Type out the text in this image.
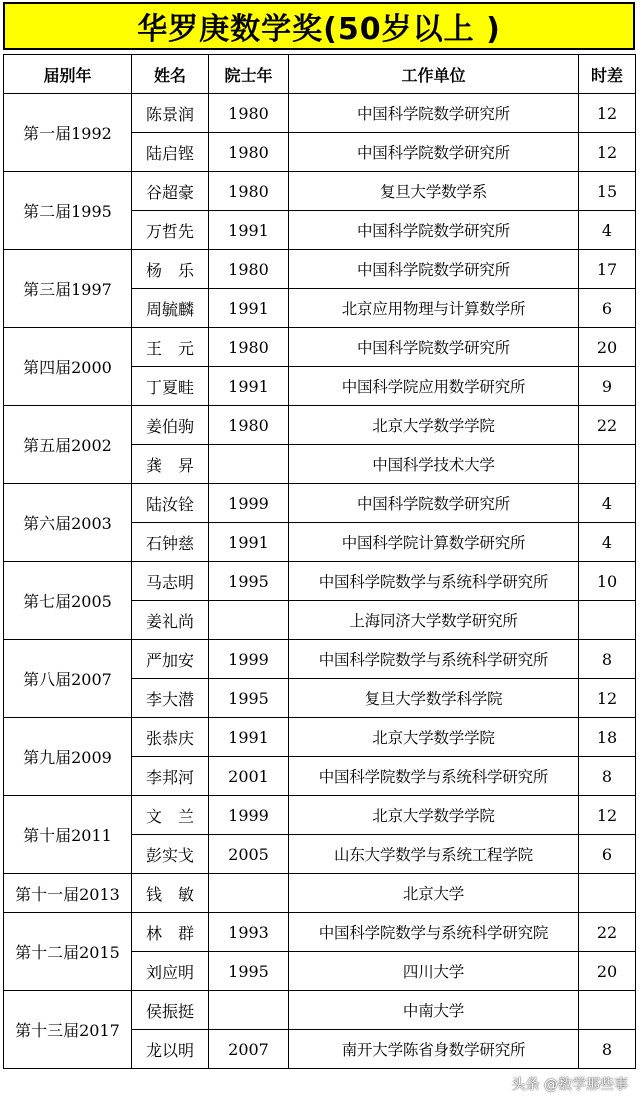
华罗庚数学奖(50岁以上 )
届别年	姓名	院士年	工作单位	时差
第一届1992	陈景润	1980	中国科学院数学研究所	12
	陆启铿	1980	中国科学院数学研究所	12
第二届1995	谷超豪	1980	复旦大学数学系	15
	万哲先	1991	中国科学院数学研究所	4
第三届1997	杨　乐	1980	中国科学院数学研究所	17
	周毓麟	1991	北京应用物理与计算数学所	6
第四届2000	王　元	1980	中国科学院数学研究所	20
	丁夏畦	1991	中国科学院应用数学研究所	9
第五届2002	姜伯驹	1980	北京大学数学学院	22
	龚　昇		中国科学技术大学	
第六届2003	陆汝铨	1999	中国科学院数学研究所	4
	石钟慈	1991	中国科学院计算数学研究所	4
第七届2005	马志明	1995	中国科学院数学与系统科学研究所	10
	姜礼尚		上海同济大学数学研究所	
第八届2007	严加安	1999	中国科学院数学与系统科学研究所	8
	李大潜	1995	复旦大学数学科学院	12
第九届2009	张恭庆	1991	北京大学数学学院	18
	李邦河	2001	中国科学院数学与系统科学研究所	8
第十届2011	文　兰	1999	北京大学数学学院	12
	彭实戈	2005	山东大学数学与系统工程学院	6
第十一届2013	钱　敏		北京大学	
第十二届2015	林　群	1993	中国科学院数学与系统科学研究院	22
	刘应明	1995	四川大学	20
第十三届2017	侯振挺		中南大学	
	龙以明	2007	南开大学陈省身数学研究所	8
头条 @数学那些事
